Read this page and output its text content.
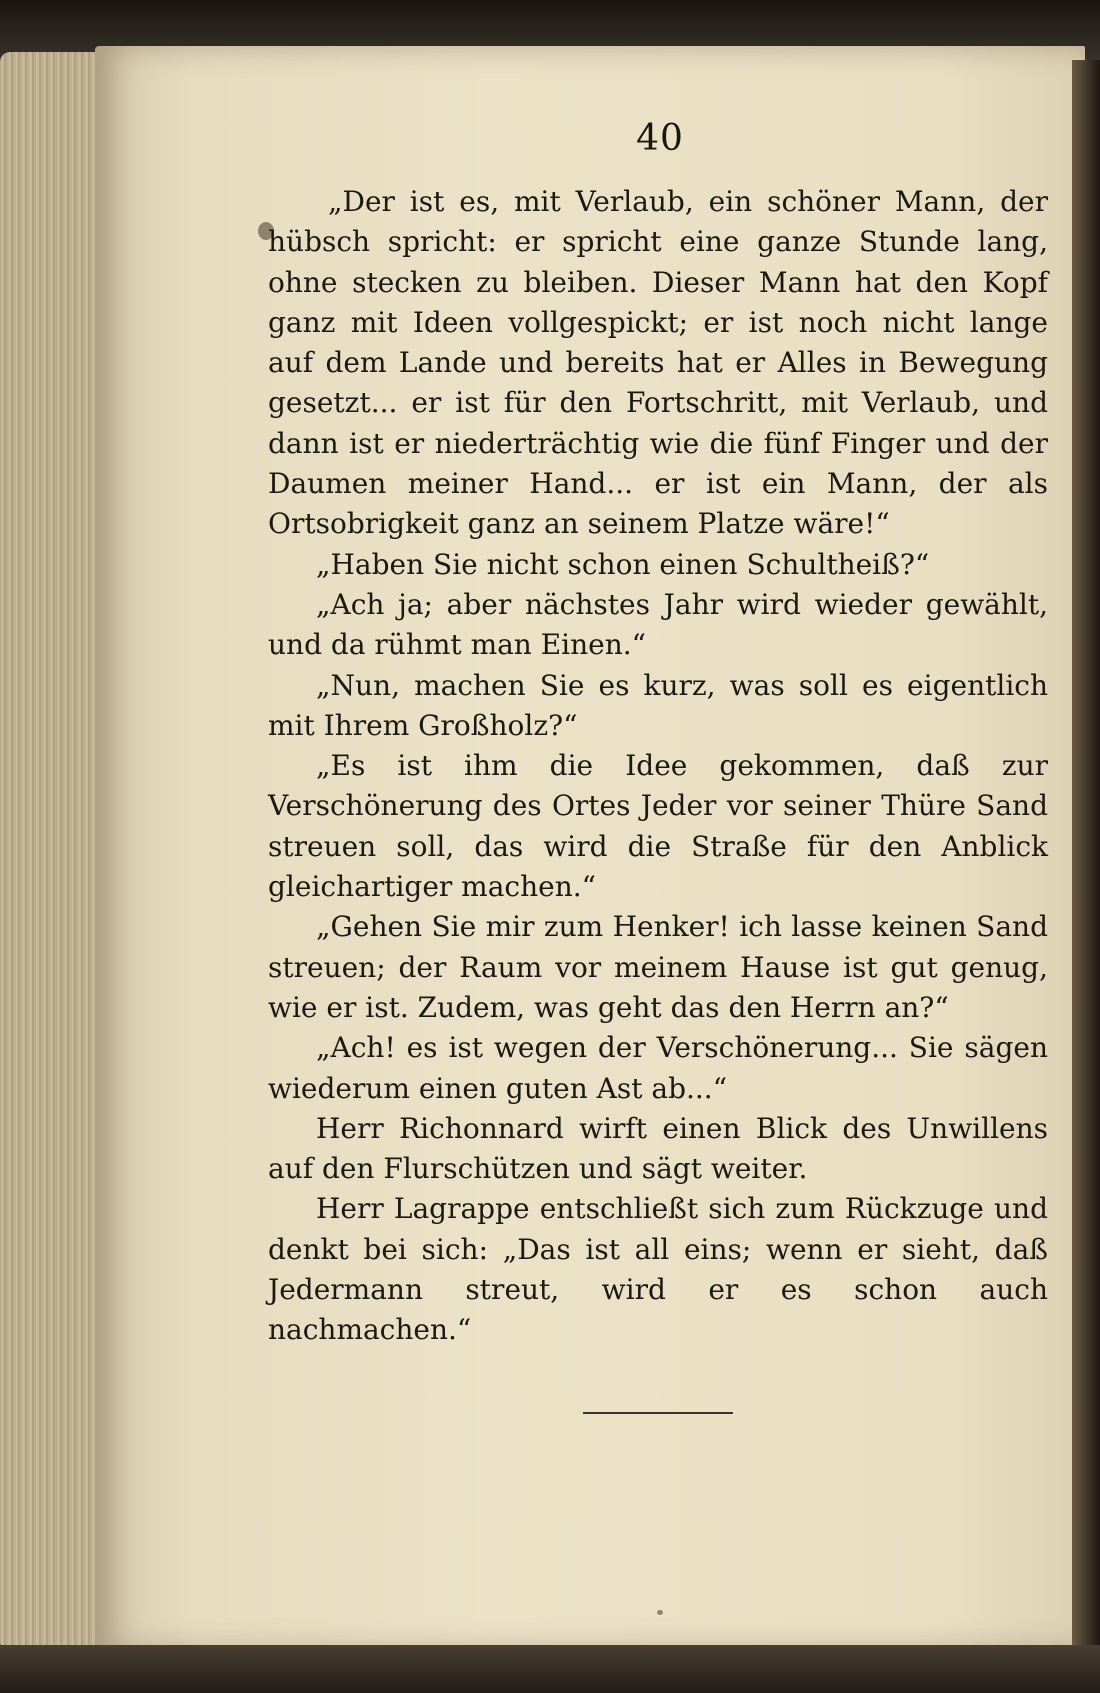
40

„Der ist es, mit Verlaub, ein schöner Mann, der hübsch spricht: er spricht eine ganze Stunde lang, ohne stecken zu bleiben. Dieser Mann hat den Kopf ganz mit Ideen vollgespickt; er ist noch nicht lange auf dem Lande und bereits hat er Alles in Bewegung gesetzt... er ist für den Fortschritt, mit Verlaub, und dann ist er niederträchtig wie die fünf Finger und der Daumen meiner Hand... er ist ein Mann, der als Ortsobrigkeit ganz an seinem Platze wäre!“

„Haben Sie nicht schon einen Schultheiß?“

„Ach ja; aber nächstes Jahr wird wieder gewählt, und da rühmt man Einen.“

„Nun, machen Sie es kurz, was soll es eigentlich mit Ihrem Großholz?“

„Es ist ihm die Idee gekommen, daß zur Verschönerung des Ortes Jeder vor seiner Thüre Sand streuen soll, das wird die Straße für den Anblick gleichartiger machen.“

„Gehen Sie mir zum Henker! ich lasse keinen Sand streuen; der Raum vor meinem Hause ist gut genug, wie er ist. Zudem, was geht das den Herrn an?“

„Ach! es ist wegen der Verschönerung... Sie sägen wiederum einen guten Ast ab...“

Herr Richonnard wirft einen Blick des Unwillens auf den Flurschützen und sägt weiter.

Herr Lagrappe entschließt sich zum Rückzuge und denkt bei sich: „Das ist all eins; wenn er sieht, daß Jedermann streut, wird er es schon auch nachmachen.“
